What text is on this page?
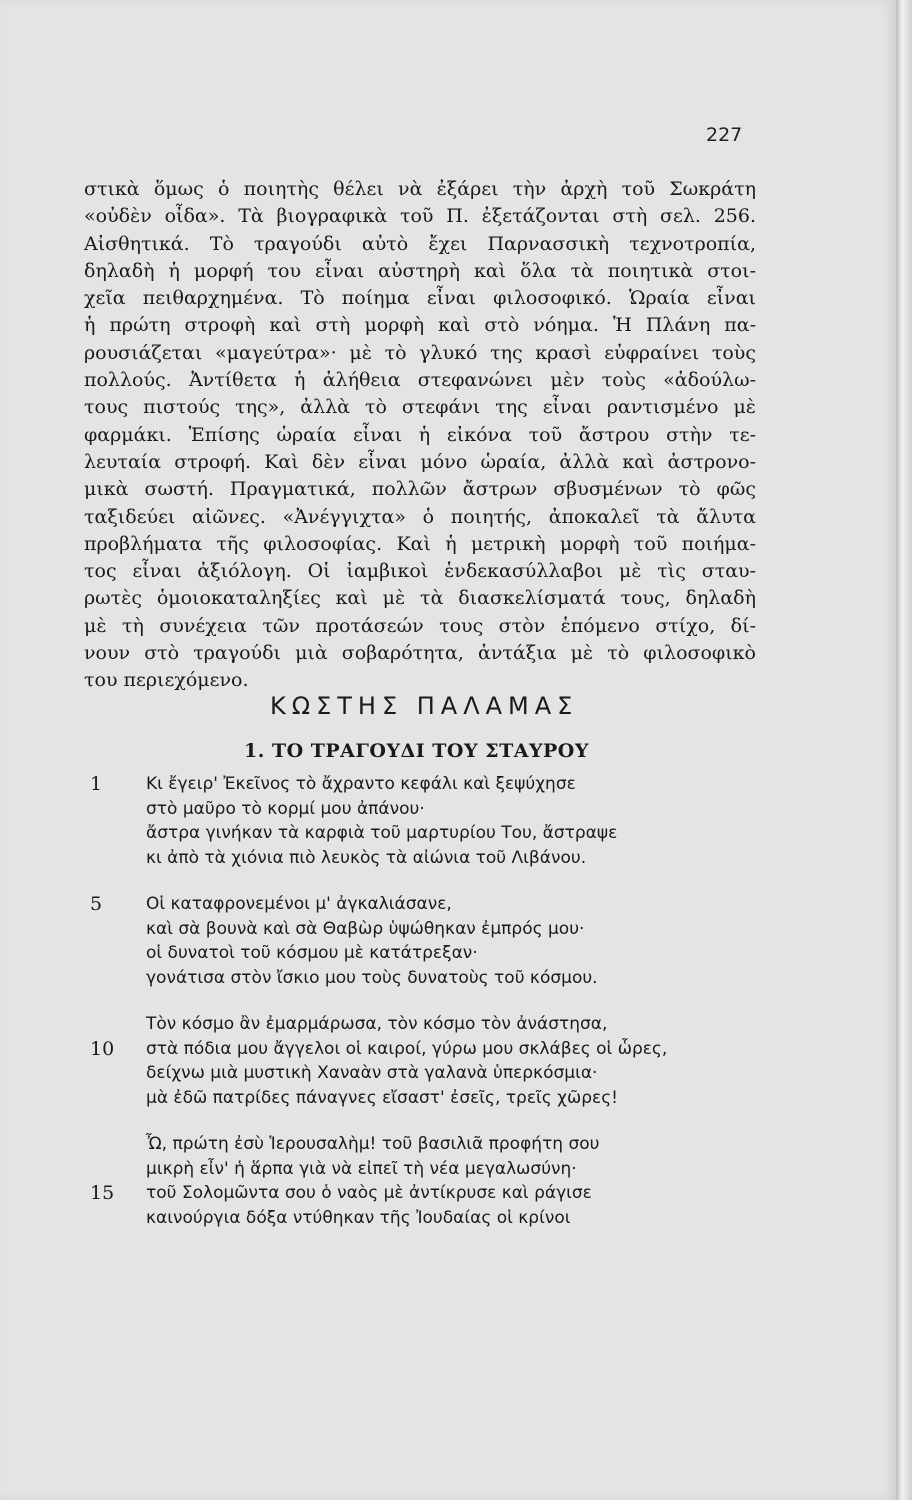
227
στικὰ ὅμως ὁ ποιητὴς θέλει νὰ ἐξάρει τὴν ἀρχὴ τοῦ Σωκράτη
«οὐδὲν οἶδα». Τὰ βιογραφικὰ τοῦ Π. ἐξετάζονται στὴ σελ. 256.
Αἰσθητικά. Τὸ τραγούδι αὐτὸ ἔχει Παρνασσικὴ τεχνοτροπία,
δηλαδὴ ἡ μορφή του εἶναι αὐστηρὴ καὶ ὅλα τὰ ποιητικὰ στοι-
χεῖα πειθαρχημένα. Τὸ ποίημα εἶναι φιλοσοφικό. Ὡραία εἶναι
ἡ πρώτη στροφὴ καὶ στὴ μορφὴ καὶ στὸ νόημα. Ἡ Πλάνη πα-
ρουσιάζεται «μαγεύτρα»· μὲ τὸ γλυκό της κρασὶ εὐφραίνει τοὺς
πολλούς. Ἀντίθετα ἡ ἀλήθεια στεφανώνει μὲν τοὺς «ἀδούλω-
τους πιστούς της», ἀλλὰ τὸ στεφάνι της εἶναι ραντισμένο μὲ
φαρμάκι. Ἐπίσης ὡραία εἶναι ἡ εἰκόνα τοῦ ἄστρου στὴν τε-
λευταία στροφή. Καὶ δὲν εἶναι μόνο ὡραία, ἀλλὰ καὶ ἀστρονο-
μικὰ σωστή. Πραγματικά, πολλῶν ἄστρων σβυσμένων τὸ φῶς
ταξιδεύει αἰῶνες. «Ἀνέγγιχτα» ὁ ποιητής, ἀποκαλεῖ τὰ ἄλυτα
προβλήματα τῆς φιλοσοφίας. Καὶ ἡ μετρικὴ μορφὴ τοῦ ποιήμα-
τος εἶναι ἀξιόλογη. Οἱ ἰαμβικοὶ ἑνδεκασύλλαβοι μὲ τὶς σταυ-
ρωτὲς ὁμοιοκαταληξίες καὶ μὲ τὰ διασκελίσματά τους, δηλαδὴ
μὲ τὴ συνέχεια τῶν προτάσεών τους στὸν ἑπόμενο στίχο, δί-
νουν στὸ τραγούδι μιὰ σοβαρότητα, ἀντάξια μὲ τὸ φιλοσοφικὸ
του περιεχόμενο.
ΚΩΣΤΗΣ ΠΑΛΑΜΑΣ
1. ΤΟ ΤΡΑΓΟΥΔΙ ΤΟΥ ΣΤΑΥΡΟΥ
1	Κι ἔγειρ' Ἐκεῖνος τὸ ἄχραντο κεφάλι καὶ ξεψύχησε
στὸ μαῦρο τὸ κορμί μου ἀπάνου·
ἄστρα γινήκαν τὰ καρφιὰ τοῦ μαρτυρίου Του, ἄστραψε
κι ἀπὸ τὰ χιόνια πιὸ λευκὸς τὰ αἰώνια τοῦ Λιβάνου.
5	Οἱ καταφρονεμένοι μ' ἀγκαλιάσανε,
καὶ σὰ βουνὰ καὶ σὰ Θαβὼρ ὑψώθηκαν ἐμπρός μου·
οἱ δυνατοὶ τοῦ κόσμου μὲ κατάτρεξαν·
γονάτισα στὸν ἴσκιο μου τοὺς δυνατοὺς τοῦ κόσμου.
Τὸν κόσμο ἂν ἐμαρμάρωσα, τὸν κόσμο τὸν ἀνάστησα,
10	στὰ πόδια μου ἄγγελοι οἱ καιροί, γύρω μου σκλάβες οἱ ὧρες,
δείχνω μιὰ μυστικὴ Χαναὰν στὰ γαλανὰ ὑπερκόσμια·
μὰ ἐδῶ πατρίδες πάναγνες εἴσαστ' ἐσεῖς, τρεῖς χῶρες!
Ὦ, πρώτη ἐσὺ Ἱερουσαλὴμ! τοῦ βασιλιᾶ προφήτη σου
μικρὴ εἶν' ἡ ἅρπα γιὰ νὰ εἰπεῖ τὴ νέα μεγαλωσύνη·
15	τοῦ Σολομῶντα σου ὁ ναὸς μὲ ἀντίκρυσε καὶ ράγισε
καινούργια δόξα ντύθηκαν τῆς Ἰουδαίας οἱ κρίνοι
